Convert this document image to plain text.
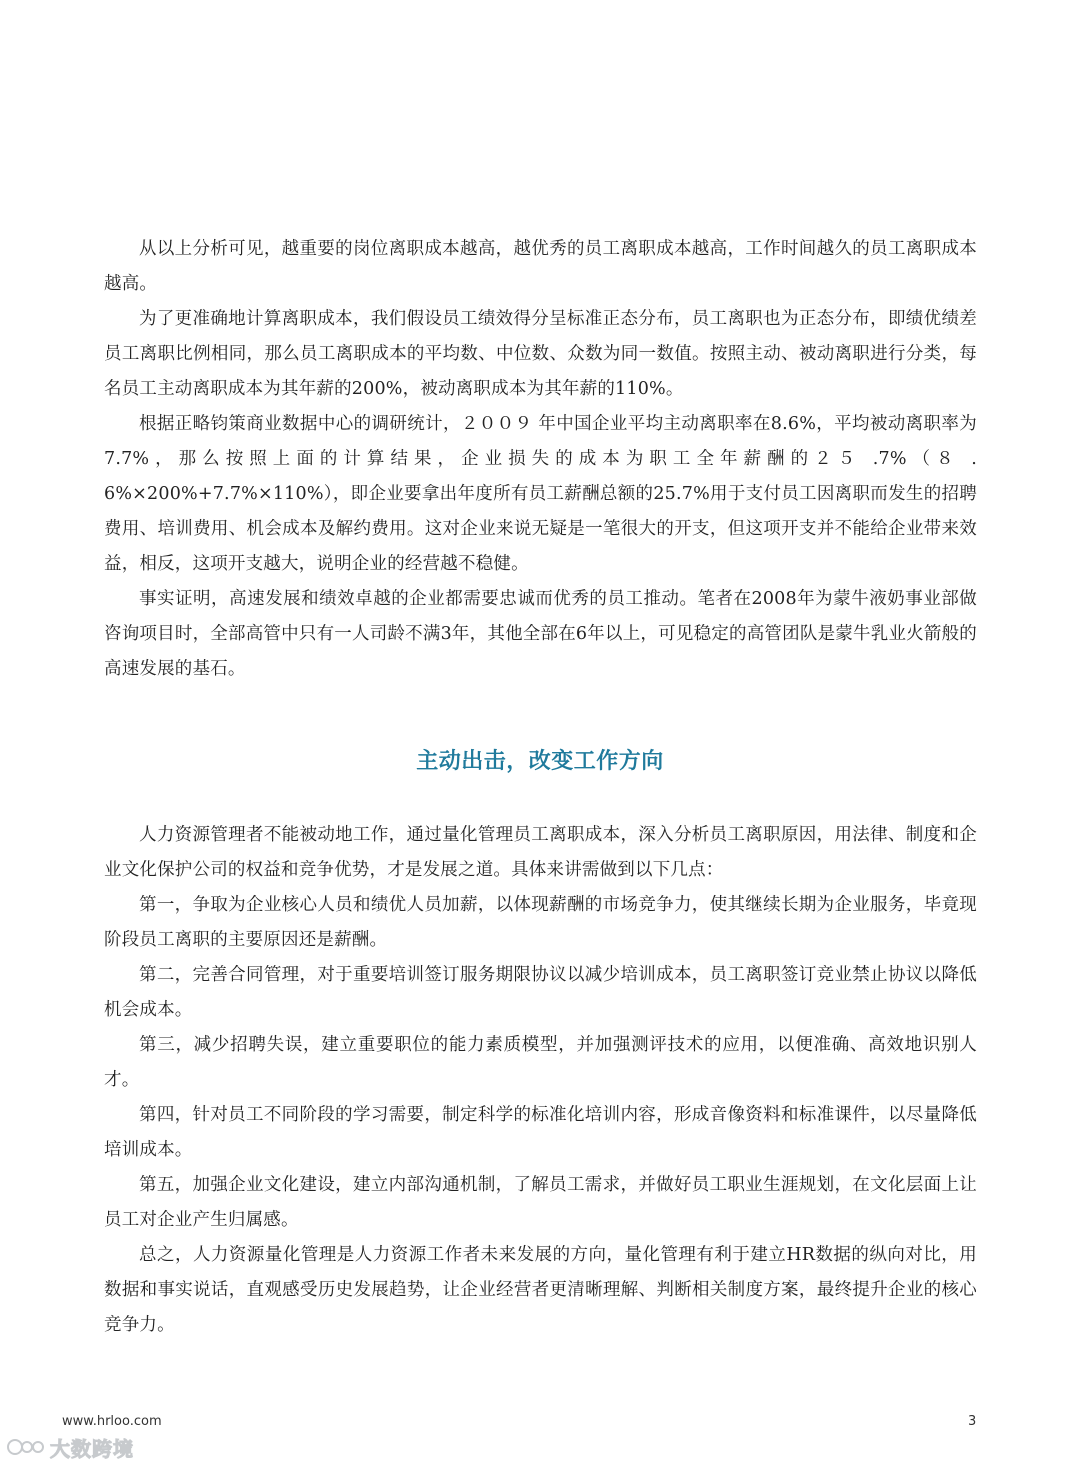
从以上分析可见，越重要的岗位离职成本越高，越优秀的员工离职成本越高，工作时间越久的员工离职成本越高。

为了更准确地计算离职成本，我们假设员工绩效得分呈标准正态分布，员工离职也为正态分布，即绩优绩差员工离职比例相同，那么员工离职成本的平均数、中位数、众数为同一数值。按照主动、被动离职进行分类，每名员工主动离职成本为其年薪的200%，被动离职成本为其年薪的110%。

根据正略钧策商业数据中心的调研统计，２００９ 年中国企业平均主动离职率在8.6%，平均被动离职率为7.7%，那么按照上面的计算结果，企业损失的成本为职工全年薪酬的２５ .7%（８ . 6%×200%+7.7%×110%），即企业要拿出年度所有员工薪酬总额的25.7%用于支付员工因离职而发生的招聘费用、培训费用、机会成本及解约费用。这对企业来说无疑是一笔很大的开支，但这项开支并不能给企业带来效益，相反，这项开支越大，说明企业的经营越不稳健。

事实证明，高速发展和绩效卓越的企业都需要忠诚而优秀的员工推动。笔者在2008年为蒙牛液奶事业部做咨询项目时，全部高管中只有一人司龄不满3年，其他全部在6年以上，可见稳定的高管团队是蒙牛乳业火箭般的高速发展的基石。

主动出击，改变工作方向

人力资源管理者不能被动地工作，通过量化管理员工离职成本，深入分析员工离职原因，用法律、制度和企业文化保护公司的权益和竞争优势，才是发展之道。具体来讲需做到以下几点：

第一，争取为企业核心人员和绩优人员加薪，以体现薪酬的市场竞争力，使其继续长期为企业服务，毕竟现阶段员工离职的主要原因还是薪酬。

第二，完善合同管理，对于重要培训签订服务期限协议以减少培训成本，员工离职签订竞业禁止协议以降低机会成本。

第三，减少招聘失误，建立重要职位的能力素质模型，并加强测评技术的应用，以便准确、高效地识别人才。

第四，针对员工不同阶段的学习需要，制定科学的标准化培训内容，形成音像资料和标准课件，以尽量降低培训成本。

第五，加强企业文化建设，建立内部沟通机制，了解员工需求，并做好员工职业生涯规划，在文化层面上让员工对企业产生归属感。

总之，人力资源量化管理是人力资源工作者未来发展的方向，量化管理有利于建立HR数据的纵向对比，用数据和事实说话，直观感受历史发展趋势，让企业经营者更清晰理解、判断相关制度方案，最终提升企业的核心竞争力。

www.hrloo.com	3
大数跨境
